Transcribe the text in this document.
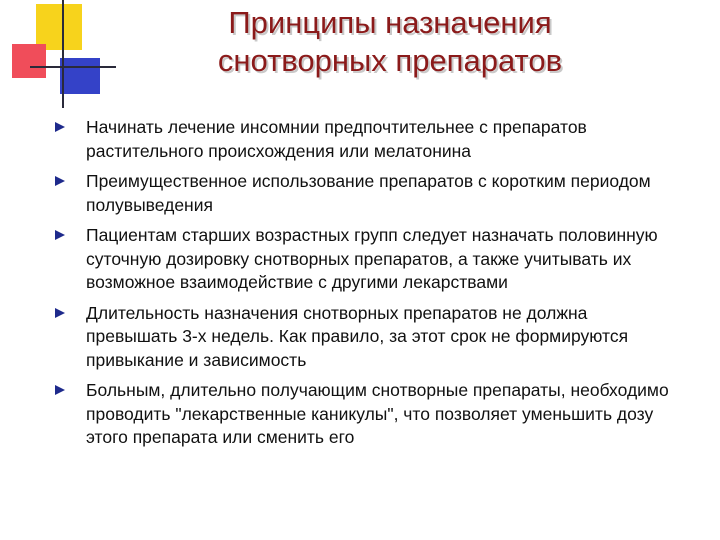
Принципы назначения
снотворных препаратов
Начинать лечение инсомнии предпочтительнее с препаратов растительного происхождения или мелатонина
Преимущественное использование препаратов с коротким периодом полувыведения
Пациентам старших возрастных групп следует назначать половинную суточную дозировку снотворных препаратов, а также учитывать их возможное взаимодействие с другими лекарствами
Длительность назначения снотворных препаратов не должна превышать 3-х недель. Как правило, за этот срок не формируются привыкание и зависимость
Больным, длительно получающим снотворные препараты, необходимо проводить "лекарственные каникулы", что позволяет уменьшить дозу этого препарата или сменить его
